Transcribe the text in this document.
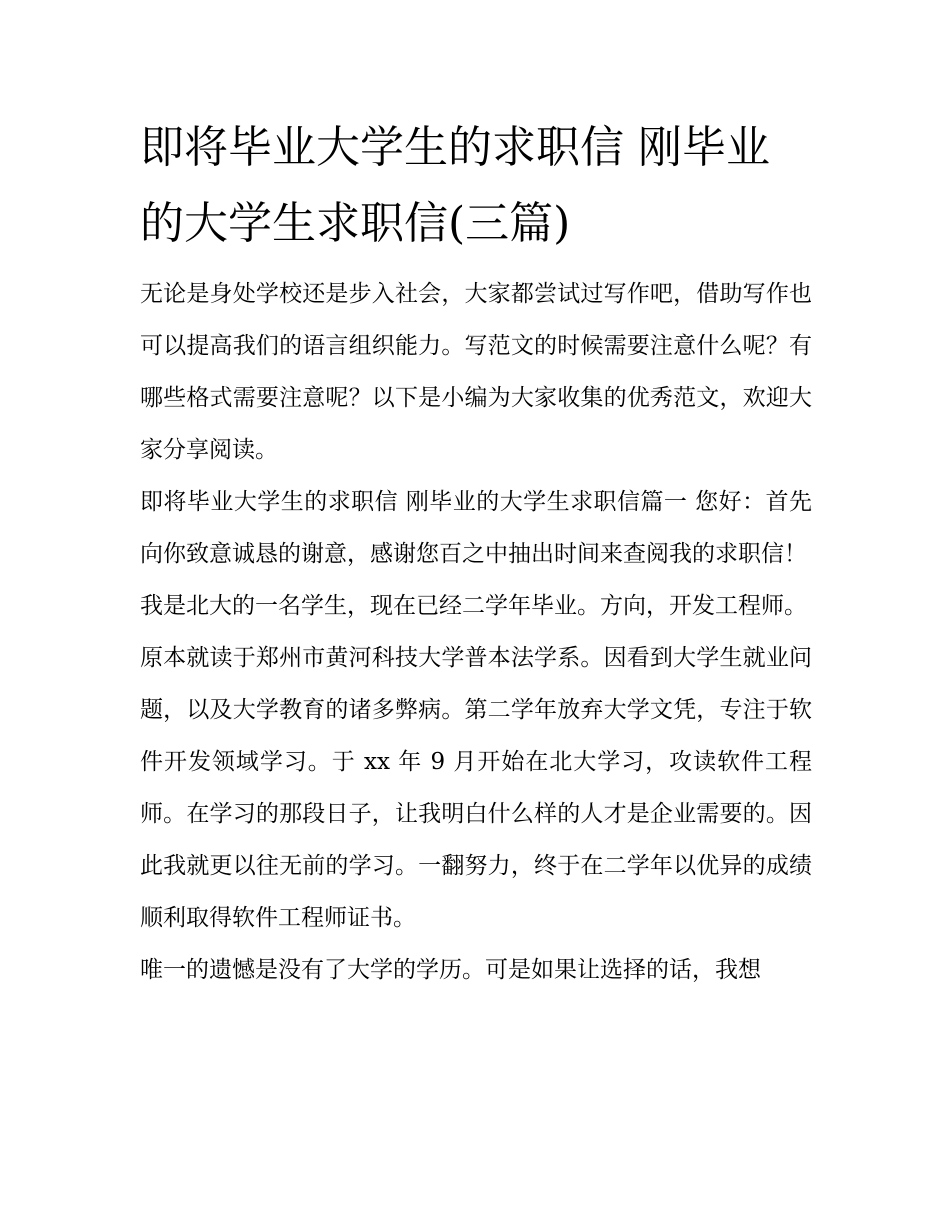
即将毕业大学生的求职信 刚毕业的大学生求职信(三篇)

无论是身处学校还是步入社会，大家都尝试过写作吧，借助写作也可以提高我们的语言组织能力。写范文的时候需要注意什么呢？有哪些格式需要注意呢？以下是小编为大家收集的优秀范文，欢迎大家分享阅读。

即将毕业大学生的求职信 刚毕业的大学生求职信篇一 您好：首先向你致意诚恳的谢意，感谢您百之中抽出时间来查阅我的求职信！

我是北大的一名学生，现在已经二学年毕业。方向，开发工程师。

原本就读于郑州市黄河科技大学普本法学系。因看到大学生就业问题，以及大学教育的诸多弊病。第二学年放弃大学文凭，专注于软件开发领域学习。于 xx 年 9 月开始在北大学习，攻读软件工程师。在学习的那段日子，让我明白什么样的人才是企业需要的。因此我就更以往无前的学习。一翻努力，终于在二学年以优异的成绩顺利取得软件工程师证书。

唯一的遗憾是没有了大学的学历。可是如果让选择的话，我想
